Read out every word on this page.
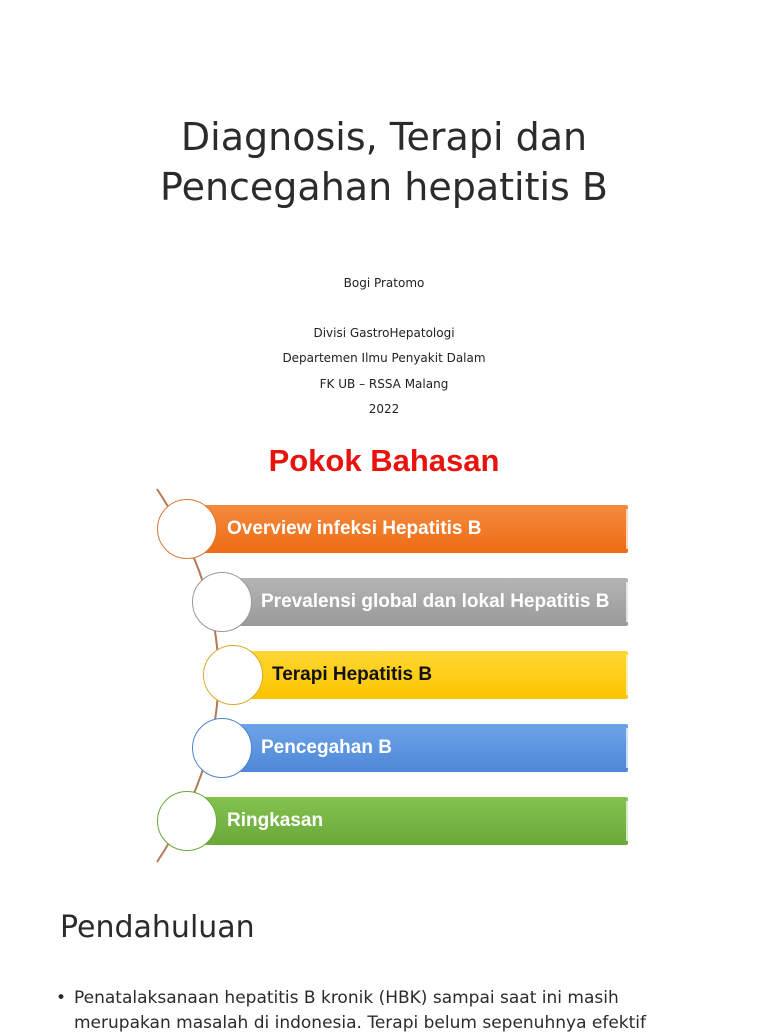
Diagnosis, Terapi dan
Pencegahan hepatitis B
Bogi Pratomo
Divisi GastroHepatologi
Departemen Ilmu Penyakit Dalam
FK UB – RSSA Malang
2022
Pokok Bahasan
Overview infeksi Hepatitis B
Prevalensi global dan lokal Hepatitis B
Terapi Hepatitis B
Pencegahan B
Ringkasan
Pendahuluan
• Penatalaksanaan hepatitis B kronik (HBK) sampai saat ini masih
merupakan masalah di indonesia. Terapi belum sepenuhnya efektif
